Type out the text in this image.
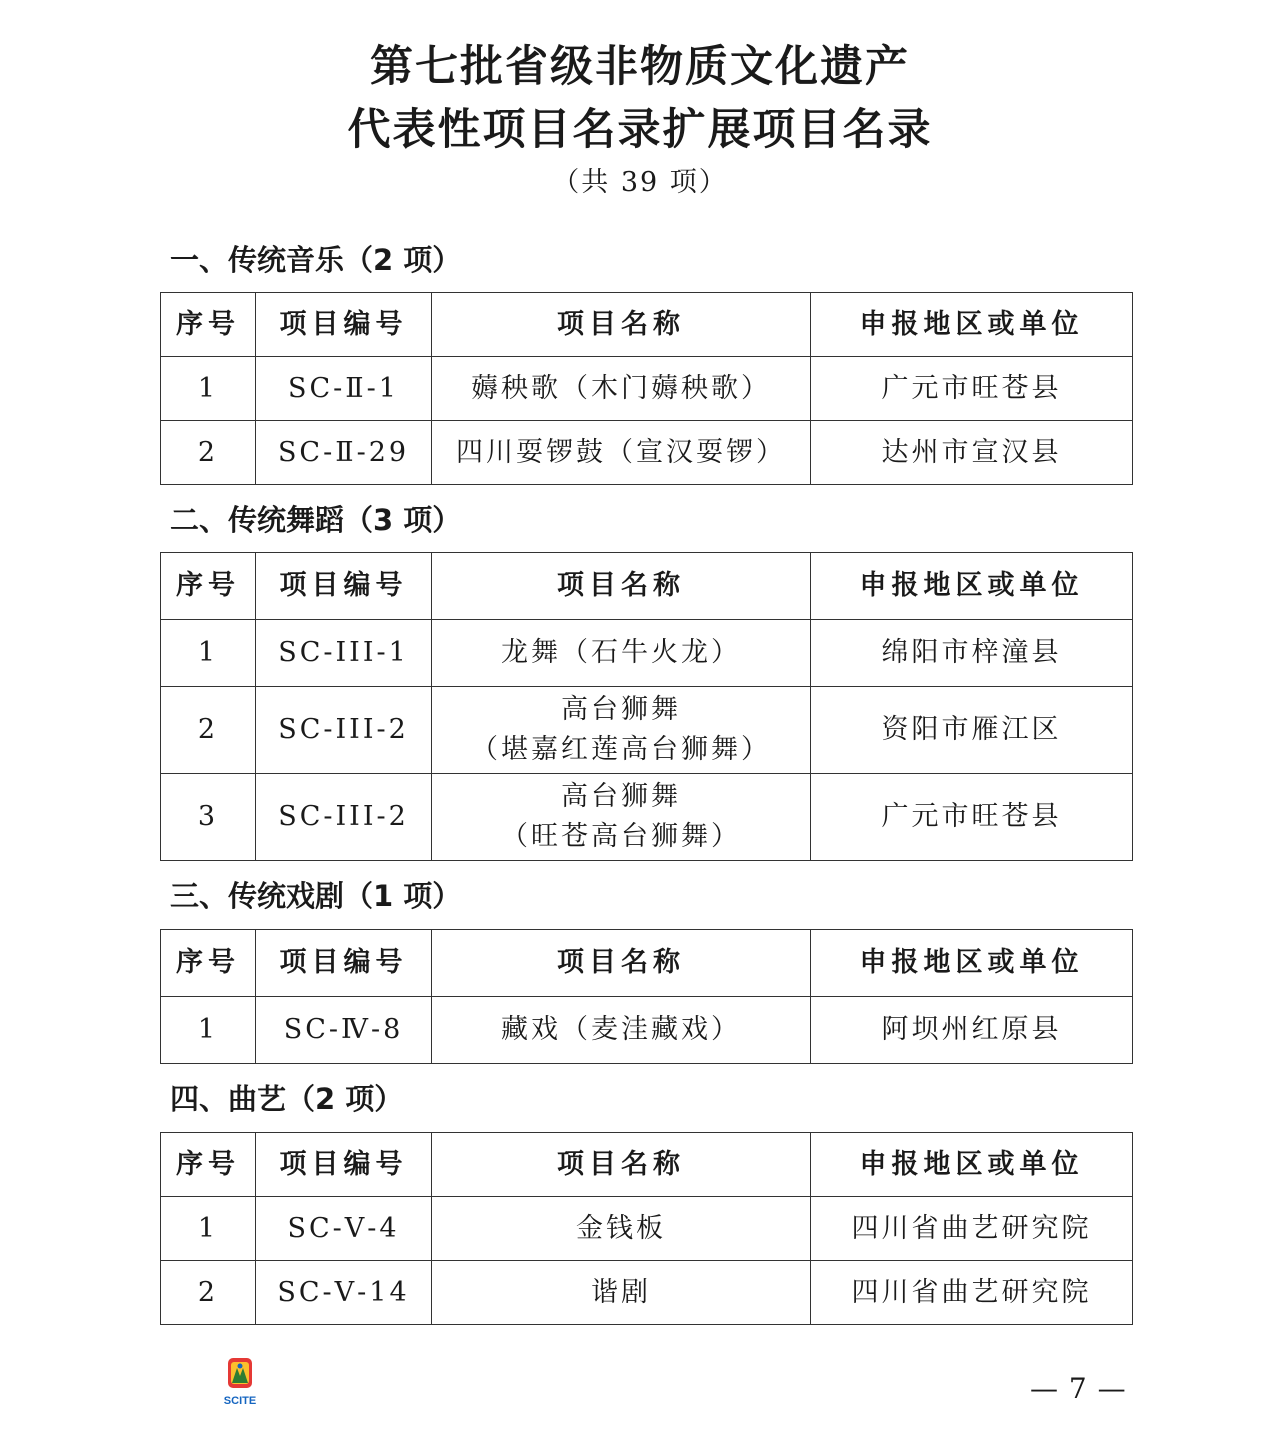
第七批省级非物质文化遗产
代表性项目名录扩展项目名录
（共 39 项）
一、传统音乐（2 项）
序号	项目编号	项目名称	申报地区或单位
1	SC-Ⅱ-1	薅秧歌（木门薅秧歌）	广元市旺苍县
2	SC-Ⅱ-29	四川耍锣鼓（宣汉耍锣）	达州市宣汉县
二、传统舞蹈（3 项）
序号	项目编号	项目名称	申报地区或单位
1	SC-III-1	龙舞（石牛火龙）	绵阳市梓潼县
2	SC-III-2	高台狮舞
（堪嘉红莲高台狮舞）	资阳市雁江区
3	SC-III-2	高台狮舞
（旺苍高台狮舞）	广元市旺苍县
三、传统戏剧（1 项）
序号	项目编号	项目名称	申报地区或单位
1	SC-Ⅳ-8	藏戏（麦洼藏戏）	阿坝州红原县
四、曲艺（2 项）
序号	项目编号	项目名称	申报地区或单位
1	SC-Ⅴ-4	金钱板	四川省曲艺研究院
2	SC-Ⅴ-14	谐剧	四川省曲艺研究院
SCITE	— 7 —
